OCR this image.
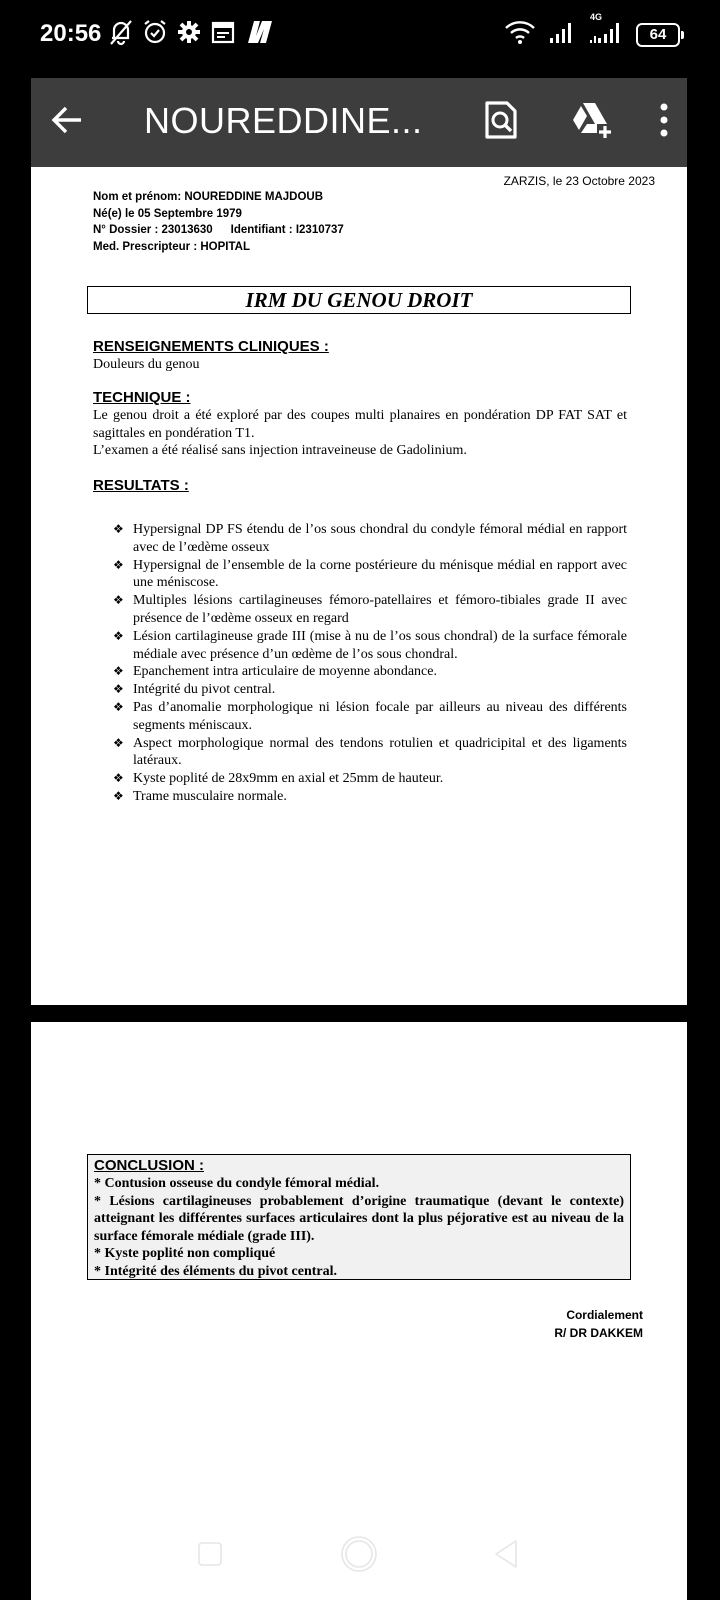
20:56
4G
64
NOUREDDINE...
ZARZIS, le 23 Octobre 2023
Nom et prénom: NOUREDDINE MAJDOUB
Né(e) le 05 Septembre 1979
N° Dossier : 23013630 Identifiant : I2310737
Med. Prescripteur : HOPITAL
IRM DU GENOU DROIT
RENSEIGNEMENTS CLINIQUES :
Douleurs du genou
TECHNIQUE :
Le genou droit a été exploré par des coupes multi planaires en pondération DP FAT SAT et sagittales en pondération T1.
L’examen a été réalisé sans injection intraveineuse de Gadolinium.
RESULTATS :
❖ Hypersignal DP FS étendu de l’os sous chondral du condyle fémoral médial en rapport avec de l’œdème osseux
❖ Hypersignal de l’ensemble de la corne postérieure du ménisque médial en rapport avec une méniscose.
❖ Multiples lésions cartilagineuses fémoro-patellaires et fémoro-tibiales grade II avec présence de l’œdème osseux en regard
❖ Lésion cartilagineuse grade III (mise à nu de l’os sous chondral) de la surface fémorale médiale avec présence d’un œdème de l’os sous chondral.
❖ Epanchement intra articulaire de moyenne abondance.
❖ Intégrité du pivot central.
❖ Pas d’anomalie morphologique ni lésion focale par ailleurs au niveau des différents segments méniscaux.
❖ Aspect morphologique normal des tendons rotulien et quadricipital et des ligaments latéraux.
❖ Kyste poplité de 28x9mm en axial et 25mm de hauteur.
❖ Trame musculaire normale.
CONCLUSION :
* Contusion osseuse du condyle fémoral médial.
* Lésions cartilagineuses probablement d’origine traumatique (devant le contexte) atteignant les différentes surfaces articulaires dont la plus péjorative est au niveau de la surface fémorale médiale (grade III).
* Kyste poplité non compliqué
* Intégrité des éléments du pivot central.
Cordialement
R/ DR DAKKEM
